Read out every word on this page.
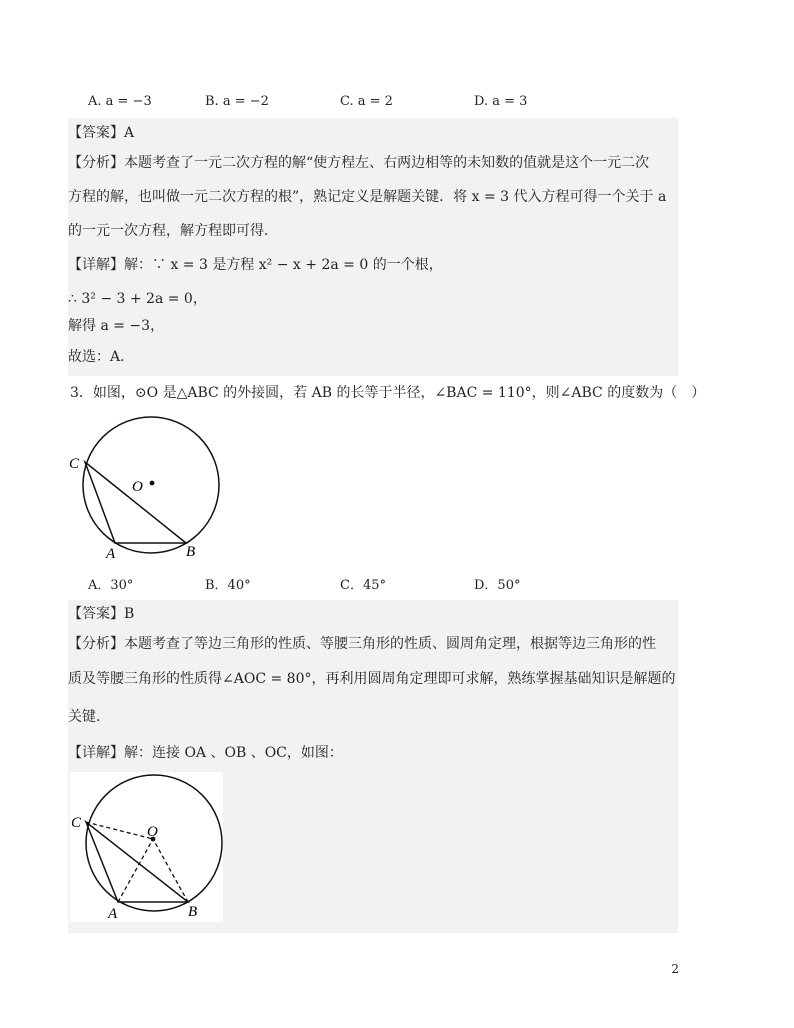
A. a = −3	B. a = −2	C. a = 2	D. a = 3
【答案】A
【分析】本题考查了一元二次方程的解“使方程左、右两边相等的未知数的值就是这个一元二次
方程的解，也叫做一元二次方程的根”，熟记定义是解题关键．将 x = 3 代入方程可得一个关于 a
的一元一次方程，解方程即可得．
【详解】解：∵ x = 3 是方程 x² − x + 2a = 0 的一个根，
∴ 3² − 3 + 2a = 0，
解得 a = −3，
故选：A．
3．如图，⊙O 是△ABC 的外接圆，若 AB 的长等于半径，∠BAC = 110°，则∠ABC 的度数为（　）
C
O
A	B
A．30°	B．40°	C．45°	D．50°
【答案】B
【分析】本题考查了等边三角形的性质、等腰三角形的性质、圆周角定理，根据等边三角形的性
质及等腰三角形的性质得∠AOC = 80°，再利用圆周角定理即可求解，熟练掌握基础知识是解题的
关键．
【详解】解：连接 OA 、OB 、OC，如图：
C
O
A	B
2
